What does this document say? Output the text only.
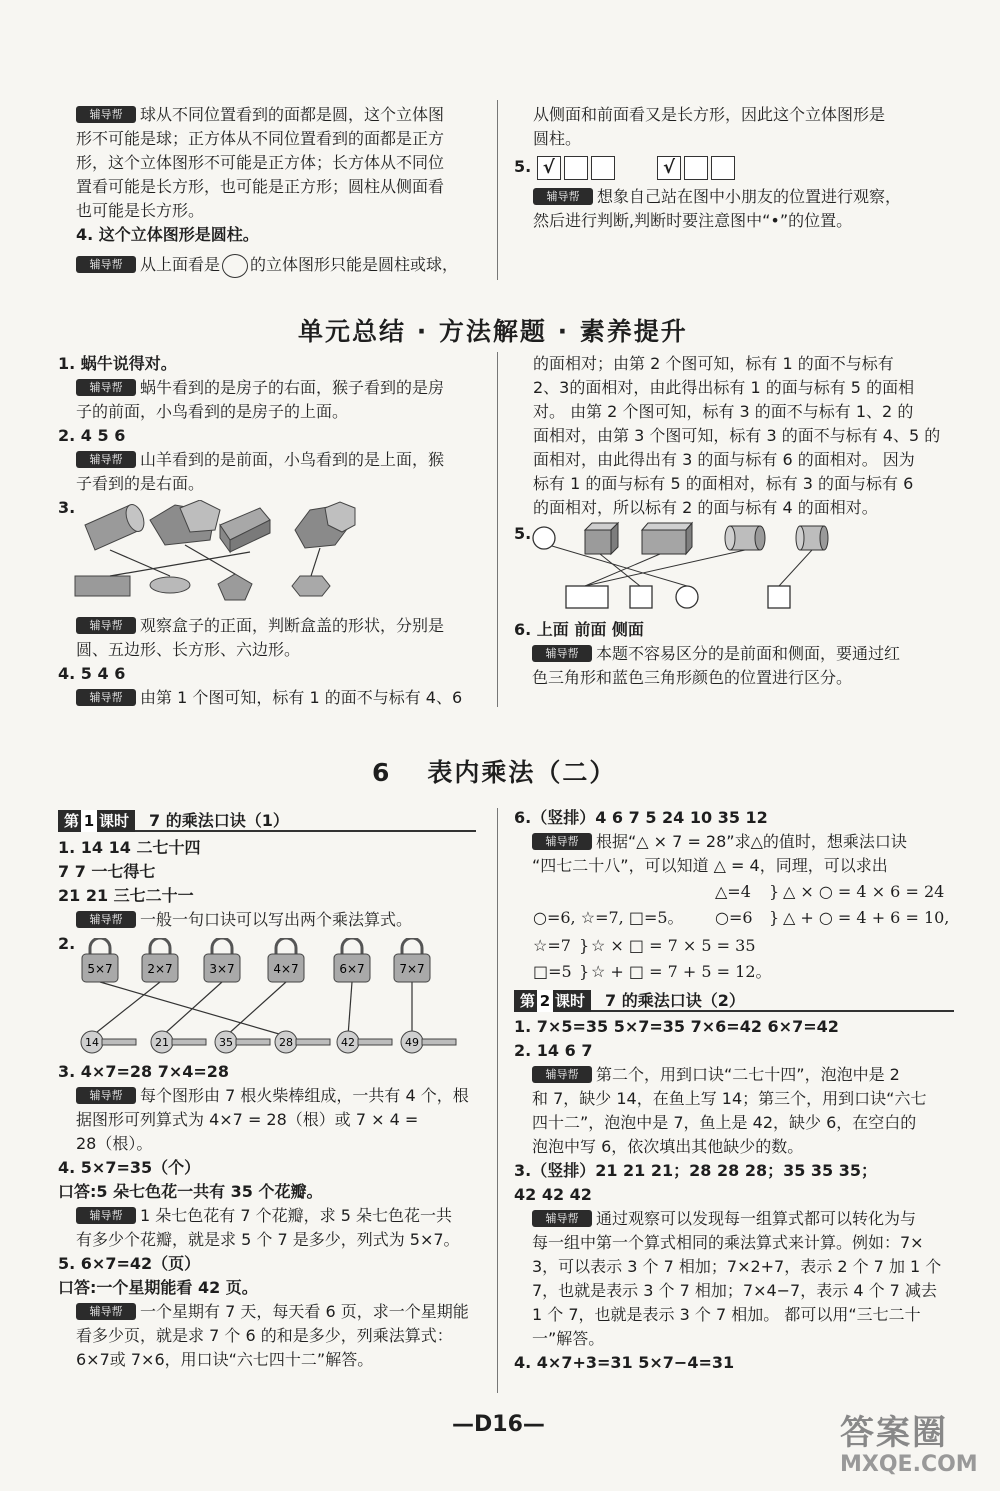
辅导帮 球从不同位置看到的面都是圆，这个立体图
形不可能是球；正方体从不同位置看到的面都是正方
形，这个立体图形不可能是正方体；长方体从不同位
置看可能是长方形，也可能是正方形；圆柱从侧面看
也可能是长方形。
4. 这个立体图形是圆柱。
辅导帮 从上面看是 的立体图形只能是圆柱或球，
从侧面和前面看又是长方形，因此这个立体图形是
圆柱。
5. √	√
辅导帮 想象自己站在图中小朋友的位置进行观察，
然后进行判断,判断时要注意图中“•”的位置。
单元总结 · 方法解题 · 素养提升
1. 蜗牛说得对。
辅导帮 蜗牛看到的是房子的右面，猴子看到的是房
子的前面，小鸟看到的是房子的上面。
2. 4 5 6
辅导帮 山羊看到的是前面，小鸟看到的是上面，猴
子看到的是右面。
3.
辅导帮 观察盒子的正面，判断盒盖的形状，分别是
圆、五边形、长方形、六边形。
4. 5 4 6
辅导帮 由第 1 个图可知，标有 1 的面不与标有 4、6
的面相对；由第 2 个图可知，标有 1 的面不与标有
2、3的面相对，由此得出标有 1 的面与标有 5 的面相
对。 由第 2 个图可知，标有 3 的面不与标有 1、2 的
面相对，由第 3 个图可知，标有 3 的面不与标有 4、5 的
面相对，由此得出有 3 的面与标有 6 的面相对。 因为
标有 1 的面与标有 5 的面相对，标有 3 的面与标有 6
的面相对，所以标有 2 的面与标有 4 的面相对。
5.
6. 上面 前面 侧面
辅导帮 本题不容易区分的是前面和侧面，要通过红
色三角形和蓝色三角形颜色的位置进行区分。
6 表内乘法（二）
第 1 课时 7 的乘法口诀（1）
1. 14 14 二七十四
7 7 一七得七
21 21 三七二十一
辅导帮 一般一句口诀可以写出两个乘法算式。
2.
5×7	2×7	3×7	4×7	6×7	7×7
14	21	35	28	42	49
3. 4×7=28 7×4=28
辅导帮 每个图形由 7 根火柴棒组成，一共有 4 个，根
据图形可列算式为 4×7 = 28（根）或 7 × 4 =
28（根）。
4. 5×7=35（个）
口答:5 朵七色花一共有 35 个花瓣。
辅导帮 1 朵七色花有 7 个花瓣，求 5 朵七色花一共
有多少个花瓣，就是求 5 个 7 是多少，列式为 5×7。
5. 6×7=42（页）
口答:一个星期能看 42 页。
辅导帮 一个星期有 7 天，每天看 6 页，求一个星期能
看多少页，就是求 7 个 6 的和是多少，列乘法算式：
6×7或 7×6，用口诀“六七四十二”解答。
6.（竖排）4 6 7 5 24 10 35 12
辅导帮 根据“△ × 7 = 28”求△的值时，想乘法口诀
“四七二十八”，可以知道 △ = 4，同理，可以求出
△=4 } △ × ○ = 4 × 6 = 24
○=6, ☆=7, □=5。 ○=6 } △ + ○ = 4 + 6 = 10,
☆=7 } ☆ × □ = 7 × 5 = 35
□=5 } ☆ + □ = 7 + 5 = 12。
第 2 课时 7 的乘法口诀（2）
1. 7×5=35 5×7=35 7×6=42 6×7=42
2. 14 6 7
辅导帮 第二个，用到口诀“二七十四”，泡泡中是 2
和 7，缺少 14，在鱼上写 14；第三个，用到口诀“六七
四十二”，泡泡中是 7，鱼上是 42，缺少 6，在空白的
泡泡中写 6，依次填出其他缺少的数。
3.（竖排）21 21 21；28 28 28；35 35 35；
42 42 42
辅导帮 通过观察可以发现每一组算式都可以转化为与
每一组中第一个算式相同的乘法算式来计算。例如：7×
3，可以表示 3 个 7 相加；7×2+7，表示 2 个 7 加 1 个
7，也就是表示 3 个 7 相加；7×4−7，表示 4 个 7 减去
1 个 7，也就是表示 3 个 7 相加。 都可以用“三七二十
一”解答。
4. 4×7+3=31 5×7−4=31
—D16—	答案圈
MXQE.COM
